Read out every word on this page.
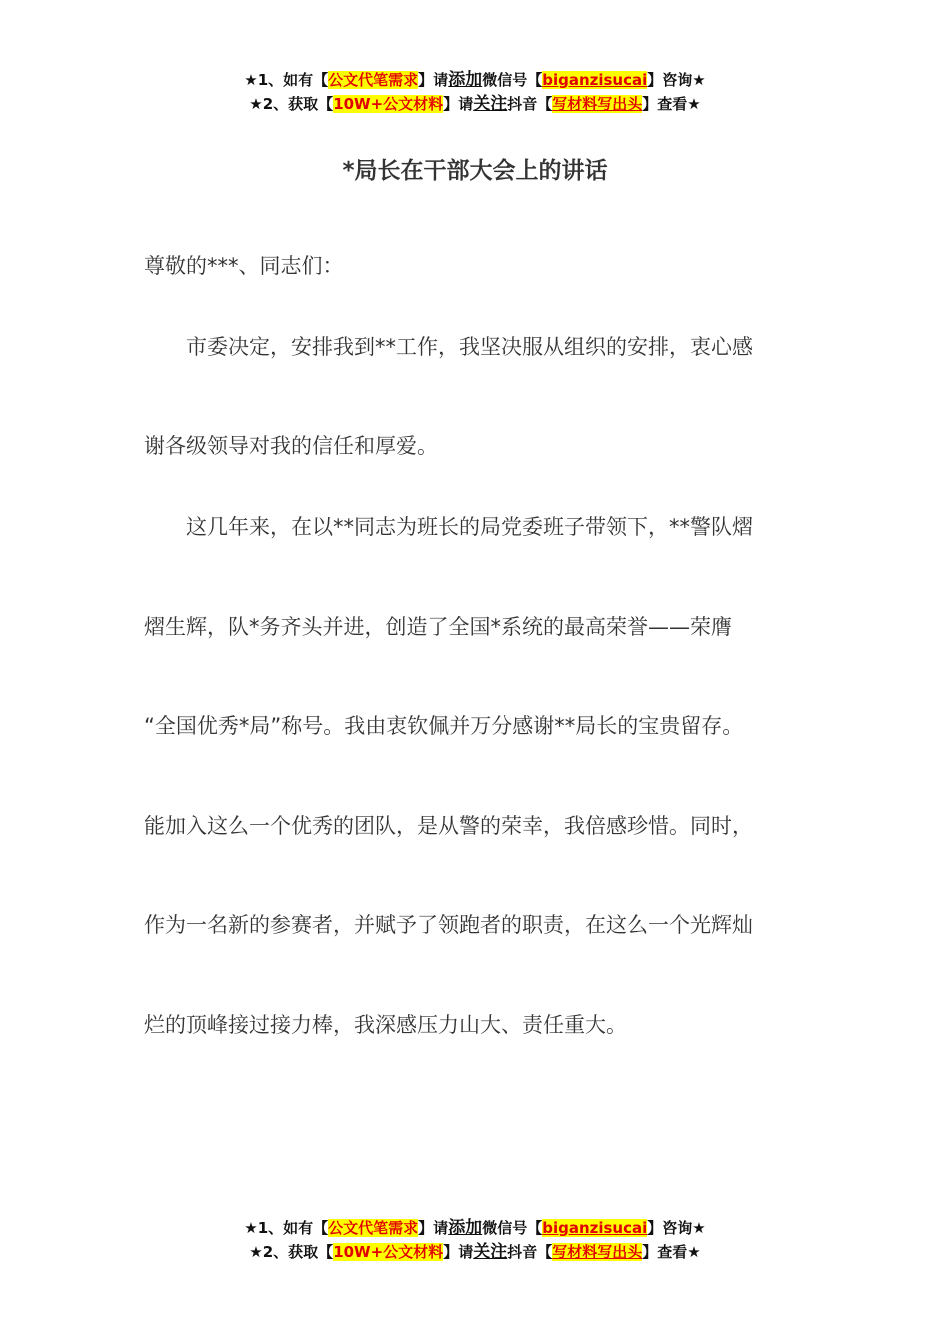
★1、如有【公文代笔需求】请添加微信号【biganzisucai】咨询★
★2、获取【10W+公文材料】请关注抖音【写材料写出头】查看★
*局长在干部大会上的讲话
尊敬的***、同志们：
　　市委决定，安排我到**工作，我坚决服从组织的安排，衷心感
谢各级领导对我的信任和厚爱。
　　这几年来，在以**同志为班长的局党委班子带领下，**警队熠
熠生辉，队*务齐头并进，创造了全国*系统的最高荣誉——荣膺
“全国优秀*局”称号。我由衷钦佩并万分感谢**局长的宝贵留存。
能加入这么一个优秀的团队，是从警的荣幸，我倍感珍惜。同时，
作为一名新的参赛者，并赋予了领跑者的职责，在这么一个光辉灿
烂的顶峰接过接力棒，我深感压力山大、责任重大。
★1、如有【公文代笔需求】请添加微信号【biganzisucai】咨询★
★2、获取【10W+公文材料】请关注抖音【写材料写出头】查看★
